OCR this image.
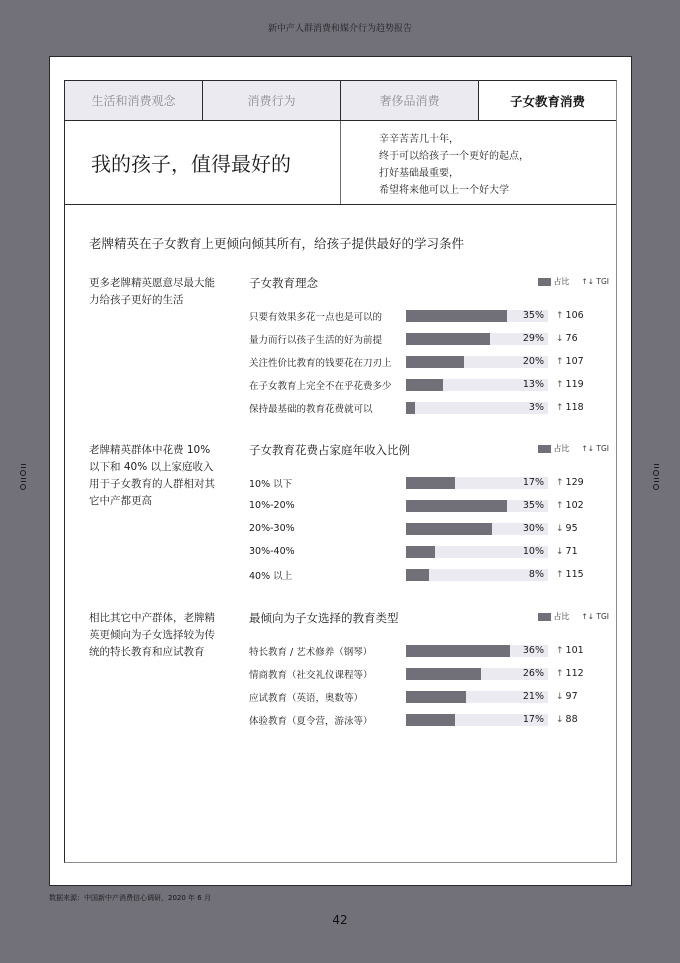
新中产人群消费和媒介行为趋势报告
生活和消费观念	消费行为	奢侈品消费	子女教育消费
我的孩子，值得最好的
辛辛苦苦几十年，
终于可以给孩子一个更好的起点，
打好基础最重要，
希望将来他可以上一个好大学
老牌精英在子女教育上更倾向倾其所有，给孩子提供最好的学习条件
更多老牌精英愿意尽最大能力给孩子更好的生活
子女教育理念	占比 ↑↓ TGI
只要有效果多花一点也是可以的	35% ↑ 106
量力而行以孩子生活的好为前提	29% ↓ 76
关注性价比教育的钱要花在刀刃上	20% ↑ 107
在子女教育上完全不在乎花费多少	13% ↑ 119
保持最基础的教育花费就可以	3% ↑ 118
老牌精英群体中花费 10% 以下和 40% 以上家庭收入用于子女教育的人群相对其它中产都更高
子女教育花费占家庭年收入比例	占比 ↑↓ TGI
10% 以下	17% ↑ 129
10%-20%	35% ↑ 102
20%-30%	30% ↓ 95
30%-40%	10% ↓ 71
40% 以上	8% ↑ 115
相比其它中产群体，老牌精英更倾向为子女选择较为传统的特长教育和应试教育
最倾向为子女选择的教育类型	占比 ↑↓ TGI
特长教育 / 艺术修养（钢琴）	36% ↑ 101
情商教育（社交礼仪课程等）	26% ↑ 112
应试教育（英语，奥数等）	21% ↓ 97
体验教育（夏令营，游泳等）	17% ↓ 88
数据来源：中国新中产消费信心调研，2020 年 6 月
42
